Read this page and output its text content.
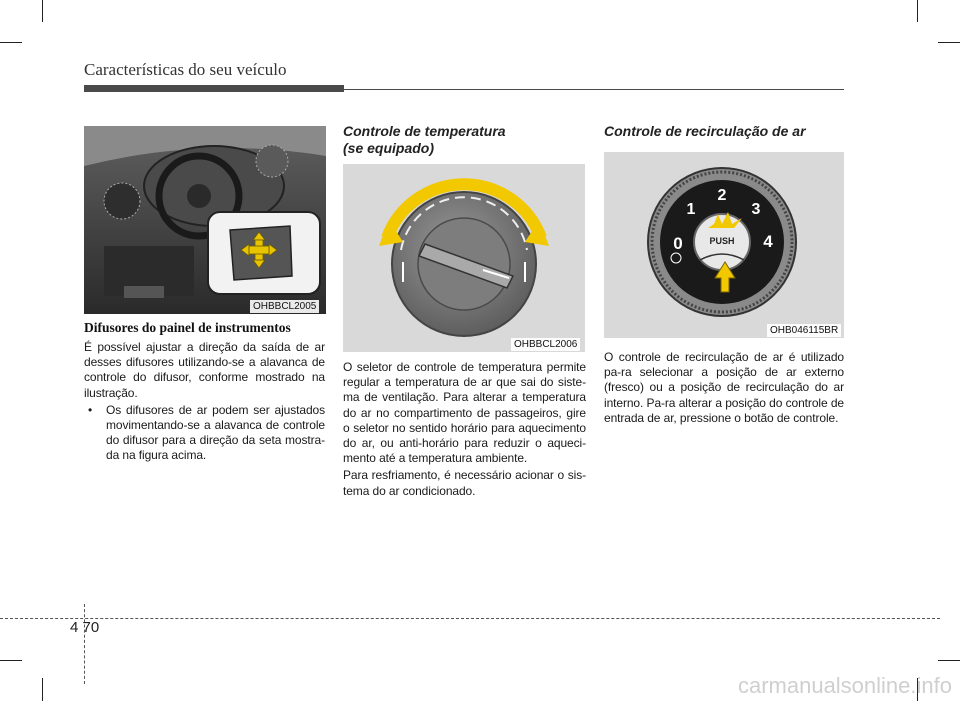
Características do seu veículo
OHBBCL2005
Difusores do painel de instrumentos

É possível ajustar a direção da saída de ar desses difusores utilizando-se a alavanca de controle do difusor, conforme mostrado na ilustração.

• Os difusores de ar podem ser ajustados movimentando-se a alavanca de controle do difusor para a direção da seta mostra-da na figura acima.

Controle de temperatura
(se equipado)
OHBBCL2006

O seletor de controle de temperatura permite regular a temperatura de ar que sai do siste-ma de ventilação. Para alterar a temperatura do ar no compartimento de passageiros, gire o seletor no sentido horário para aquecimento do ar, ou anti-horário para reduzir o aqueci-mento até a temperatura ambiente.

Para resfriamento, é necessário acionar o sis-tema do ar condicionado.

Controle de recirculação de ar
0
1
2
3
4
PUSH
OHB046115BR

O controle de recirculação de ar é utilizado pa-ra selecionar a posição de ar externo (fresco) ou a posição de recirculação do ar interno. Pa-ra alterar a posição do controle de entrada de ar, pressione o botão de controle.

4 70
carmanualsonline.info
